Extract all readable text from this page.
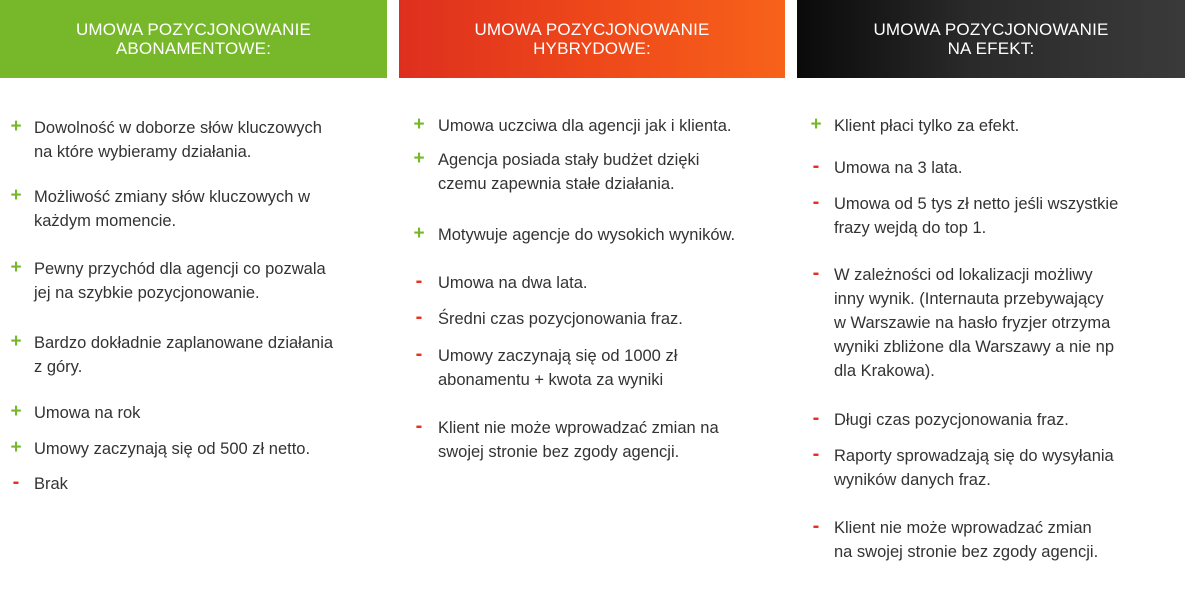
UMOWA POZYCJONOWANIE
ABONAMENTOWE:
+ Dowolność w doborze słów kluczowych
na które wybieramy działania.
+ Możliwość zmiany słów kluczowych w
każdym momencie.
+ Pewny przychód dla agencji co pozwala
jej na szybkie pozycjonowanie.
+ Bardzo dokładnie zaplanowane działania
z góry.
+ Umowa na rok
+ Umowy zaczynają się od 500 zł netto.
- Brak
UMOWA POZYCJONOWANIE
HYBRYDOWE:
+ Umowa uczciwa dla agencji jak i klienta.
+ Agencja posiada stały budżet dzięki
czemu zapewnia stałe działania.
+ Motywuje agencje do wysokich wyników.
- Umowa na dwa lata.
- Średni czas pozycjonowania fraz.
- Umowy zaczynają się od 1000 zł
abonamentu + kwota za wyniki
- Klient nie może wprowadzać zmian na
swojej stronie bez zgody agencji.
UMOWA POZYCJONOWANIE
NA EFEKT:
+ Klient płaci tylko za efekt.
- Umowa na 3 lata.
- Umowa od 5 tys zł netto jeśli wszystkie
frazy wejdą do top 1.
- W zależności od lokalizacji możliwy
inny wynik. (Internauta przebywający
w Warszawie na hasło fryzjer otrzyma
wyniki zbliżone dla Warszawy a nie np
dla Krakowa).
- Długi czas pozycjonowania fraz.
- Raporty sprowadzają się do wysyłania
wyników danych fraz.
- Klient nie może wprowadzać zmian
na swojej stronie bez zgody agencji.
